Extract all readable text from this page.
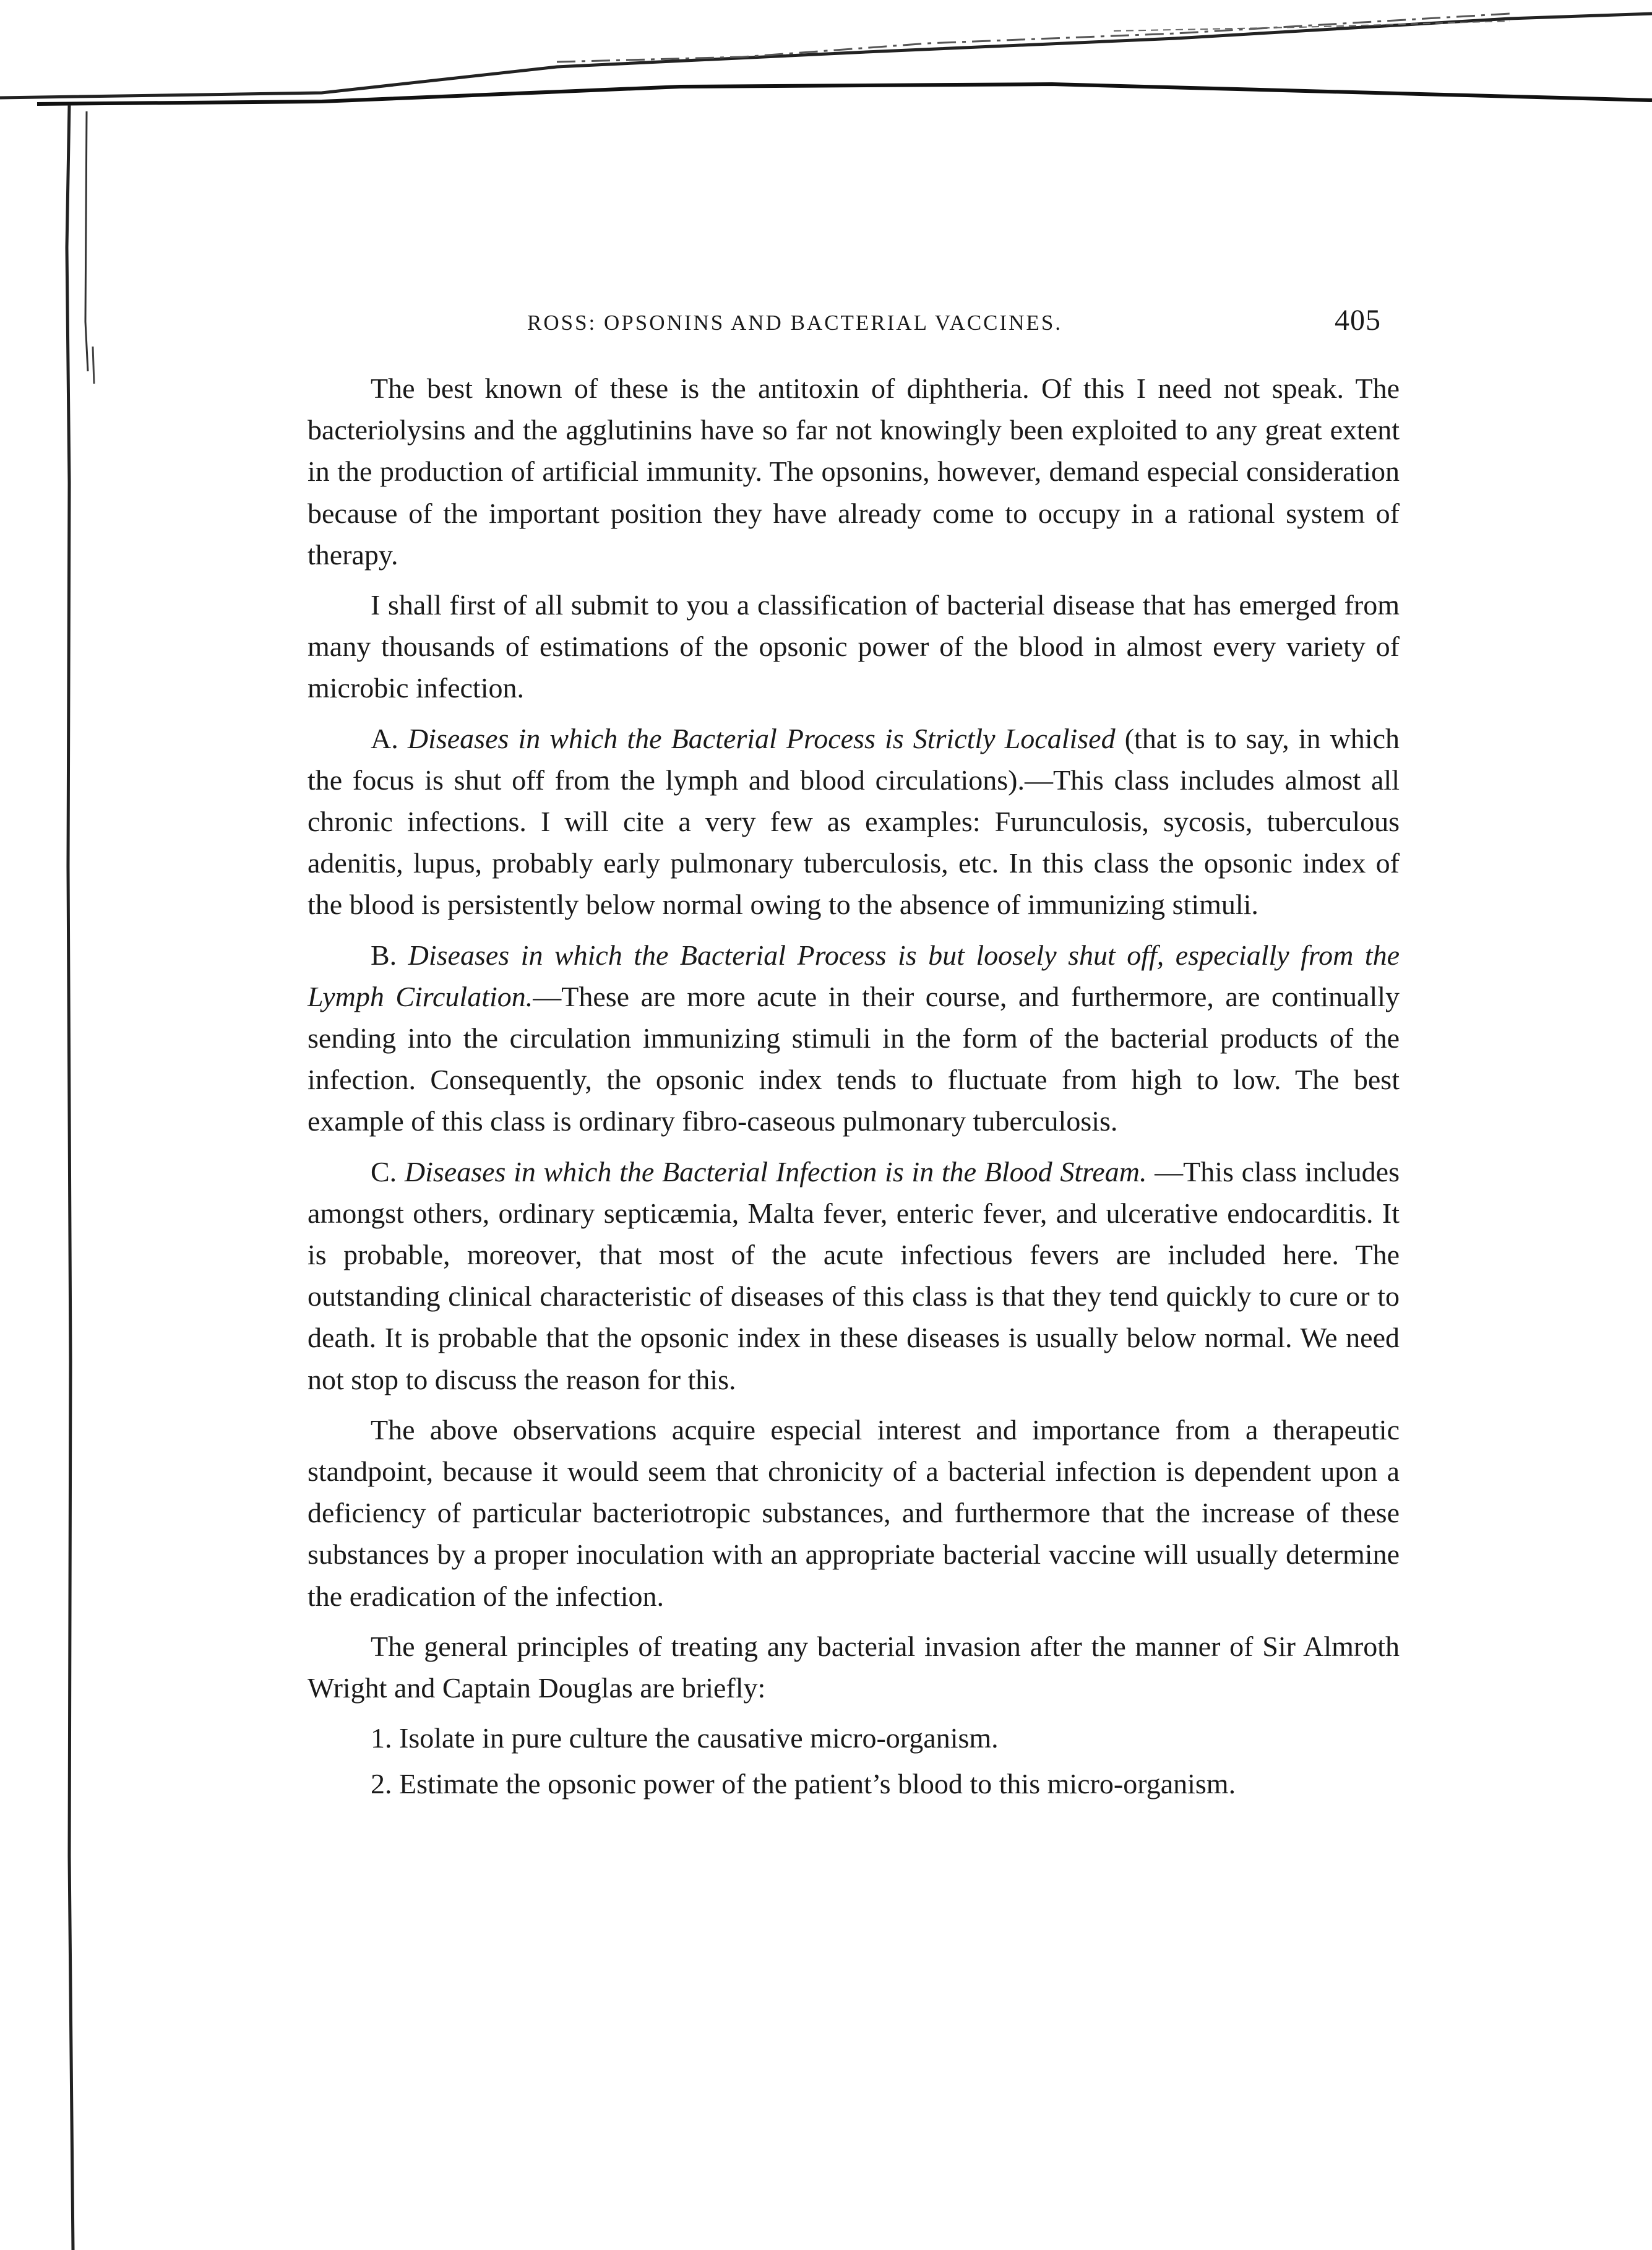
ROSS: OPSONINS AND BACTERIAL VACCINES.	405

The best known of these is the antitoxin of diphtheria. Of this I need not speak. The bacteriolysins and the agglutinins have so far not knowingly been exploited to any great extent in the production of artificial immunity. The opsonins, however, demand especial consideration because of the important position they have already come to occupy in a rational system of therapy.

I shall first of all submit to you a classification of bacterial disease that has emerged from many thousands of estimations of the opsonic power of the blood in almost every variety of microbic infection.

A. Diseases in which the Bacterial Process is Strictly Localised (that is to say, in which the focus is shut off from the lymph and blood circulations).—This class includes almost all chronic infections. I will cite a very few as examples: Furunculosis, sycosis, tuberculous adenitis, lupus, probably early pulmonary tuberculosis, etc. In this class the opsonic index of the blood is persistently below normal owing to the absence of immunizing stimuli.

B. Diseases in which the Bacterial Process is but loosely shut off, especially from the Lymph Circulation.—These are more acute in their course, and furthermore, are continually sending into the circulation immunizing stimuli in the form of the bacterial products of the infection. Consequently, the opsonic index tends to fluctuate from high to low. The best example of this class is ordinary fibro-caseous pulmonary tuberculosis.

C. Diseases in which the Bacterial Infection is in the Blood Stream. —This class includes amongst others, ordinary septicæmia, Malta fever, enteric fever, and ulcerative endocarditis. It is probable, moreover, that most of the acute infectious fevers are included here. The outstanding clinical characteristic of diseases of this class is that they tend quickly to cure or to death. It is probable that the opsonic index in these diseases is usually below normal. We need not stop to discuss the reason for this.

The above observations acquire especial interest and importance from a therapeutic standpoint, because it would seem that chronicity of a bacterial infection is dependent upon a deficiency of particular bacteriotropic substances, and furthermore that the increase of these substances by a proper inoculation with an appropriate bacterial vaccine will usually determine the eradication of the infection.

The general principles of treating any bacterial invasion after the manner of Sir Almroth Wright and Captain Douglas are briefly:

1. Isolate in pure culture the causative micro-organism.

2. Estimate the opsonic power of the patient’s blood to this micro-organism.
